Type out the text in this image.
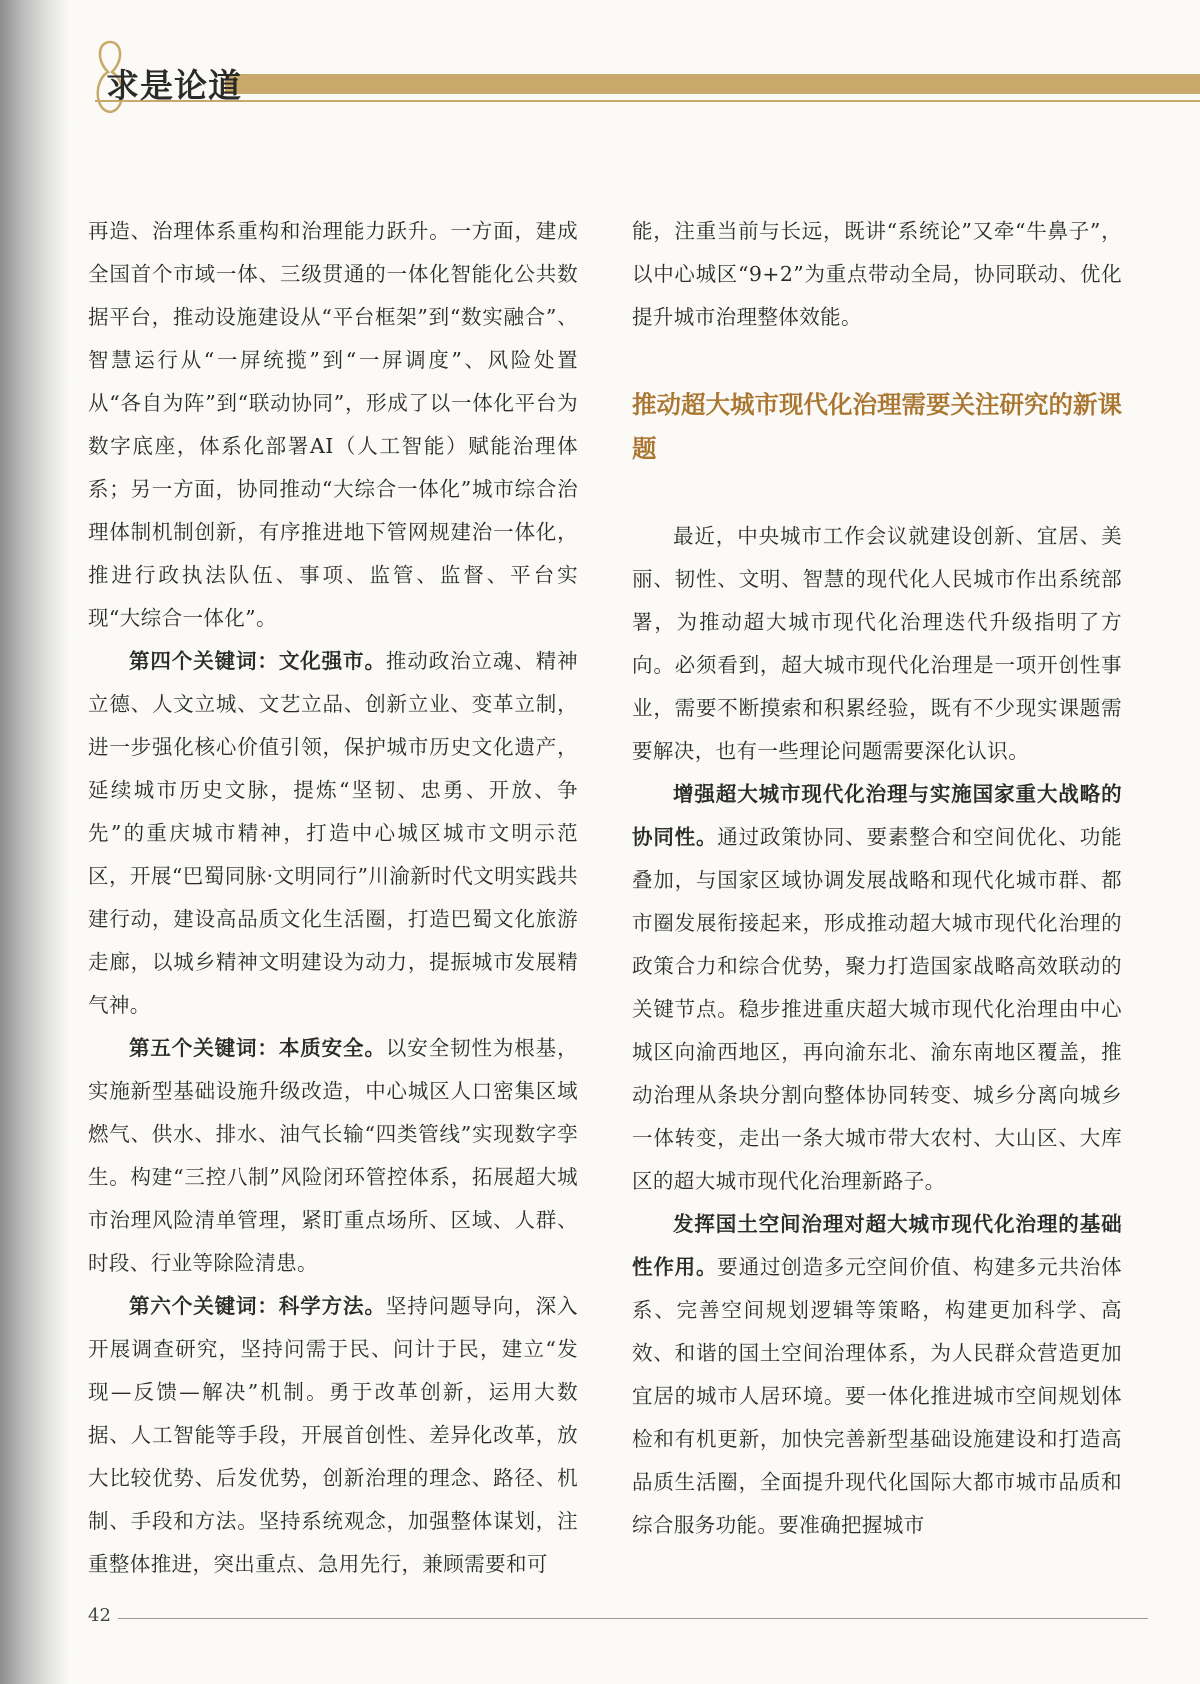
求是论道

再造、治理体系重构和治理能力跃升。一方面，建成全国首个市域一体、三级贯通的一体化智能化公共数据平台，推动设施建设从“平台框架”到“数实融合”、智慧运行从“一屏统揽”到“一屏调度”、风险处置从“各自为阵”到“联动协同”，形成了以一体化平台为数字底座，体系化部署AI（人工智能）赋能治理体系；另一方面，协同推动“大综合一体化”城市综合治理体制机制创新，有序推进地下管网规建治一体化，推进行政执法队伍、事项、监管、监督、平台实现“大综合一体化”。

第四个关键词：文化强市。推动政治立魂、精神立德、人文立城、文艺立品、创新立业、变革立制，进一步强化核心价值引领，保护城市历史文化遗产，延续城市历史文脉，提炼“坚韧、忠勇、开放、争先”的重庆城市精神，打造中心城区城市文明示范区，开展“巴蜀同脉·文明同行”川渝新时代文明实践共建行动，建设高品质文化生活圈，打造巴蜀文化旅游走廊，以城乡精神文明建设为动力，提振城市发展精气神。

第五个关键词：本质安全。以安全韧性为根基，实施新型基础设施升级改造，中心城区人口密集区域燃气、供水、排水、油气长输“四类管线”实现数字孪生。构建“三控八制”风险闭环管控体系，拓展超大城市治理风险清单管理，紧盯重点场所、区域、人群、时段、行业等除险清患。

第六个关键词：科学方法。坚持问题导向，深入开展调查研究，坚持问需于民、问计于民，建立“发现—反馈—解决”机制。勇于改革创新，运用大数据、人工智能等手段，开展首创性、差异化改革，放大比较优势、后发优势，创新治理的理念、路径、机制、手段和方法。坚持系统观念，加强整体谋划，注重整体推进，突出重点、急用先行，兼顾需要和可

能，注重当前与长远，既讲“系统论”又牵“牛鼻子”，以中心城区“9+2”为重点带动全局，协同联动、优化提升城市治理整体效能。

推动超大城市现代化治理需要关注研究的新课题

最近，中央城市工作会议就建设创新、宜居、美丽、韧性、文明、智慧的现代化人民城市作出系统部署，为推动超大城市现代化治理迭代升级指明了方向。必须看到，超大城市现代化治理是一项开创性事业，需要不断摸索和积累经验，既有不少现实课题需要解决，也有一些理论问题需要深化认识。

增强超大城市现代化治理与实施国家重大战略的协同性。通过政策协同、要素整合和空间优化、功能叠加，与国家区域协调发展战略和现代化城市群、都市圈发展衔接起来，形成推动超大城市现代化治理的政策合力和综合优势，聚力打造国家战略高效联动的关键节点。稳步推进重庆超大城市现代化治理由中心城区向渝西地区，再向渝东北、渝东南地区覆盖，推动治理从条块分割向整体协同转变、城乡分离向城乡一体转变，走出一条大城市带大农村、大山区、大库区的超大城市现代化治理新路子。

发挥国土空间治理对超大城市现代化治理的基础性作用。要通过创造多元空间价值、构建多元共治体系、完善空间规划逻辑等策略，构建更加科学、高效、和谐的国土空间治理体系，为人民群众营造更加宜居的城市人居环境。要一体化推进城市空间规划体检和有机更新，加快完善新型基础设施建设和打造高品质生活圈，全面提升现代化国际大都市城市品质和综合服务功能。要准确把握城市

42
